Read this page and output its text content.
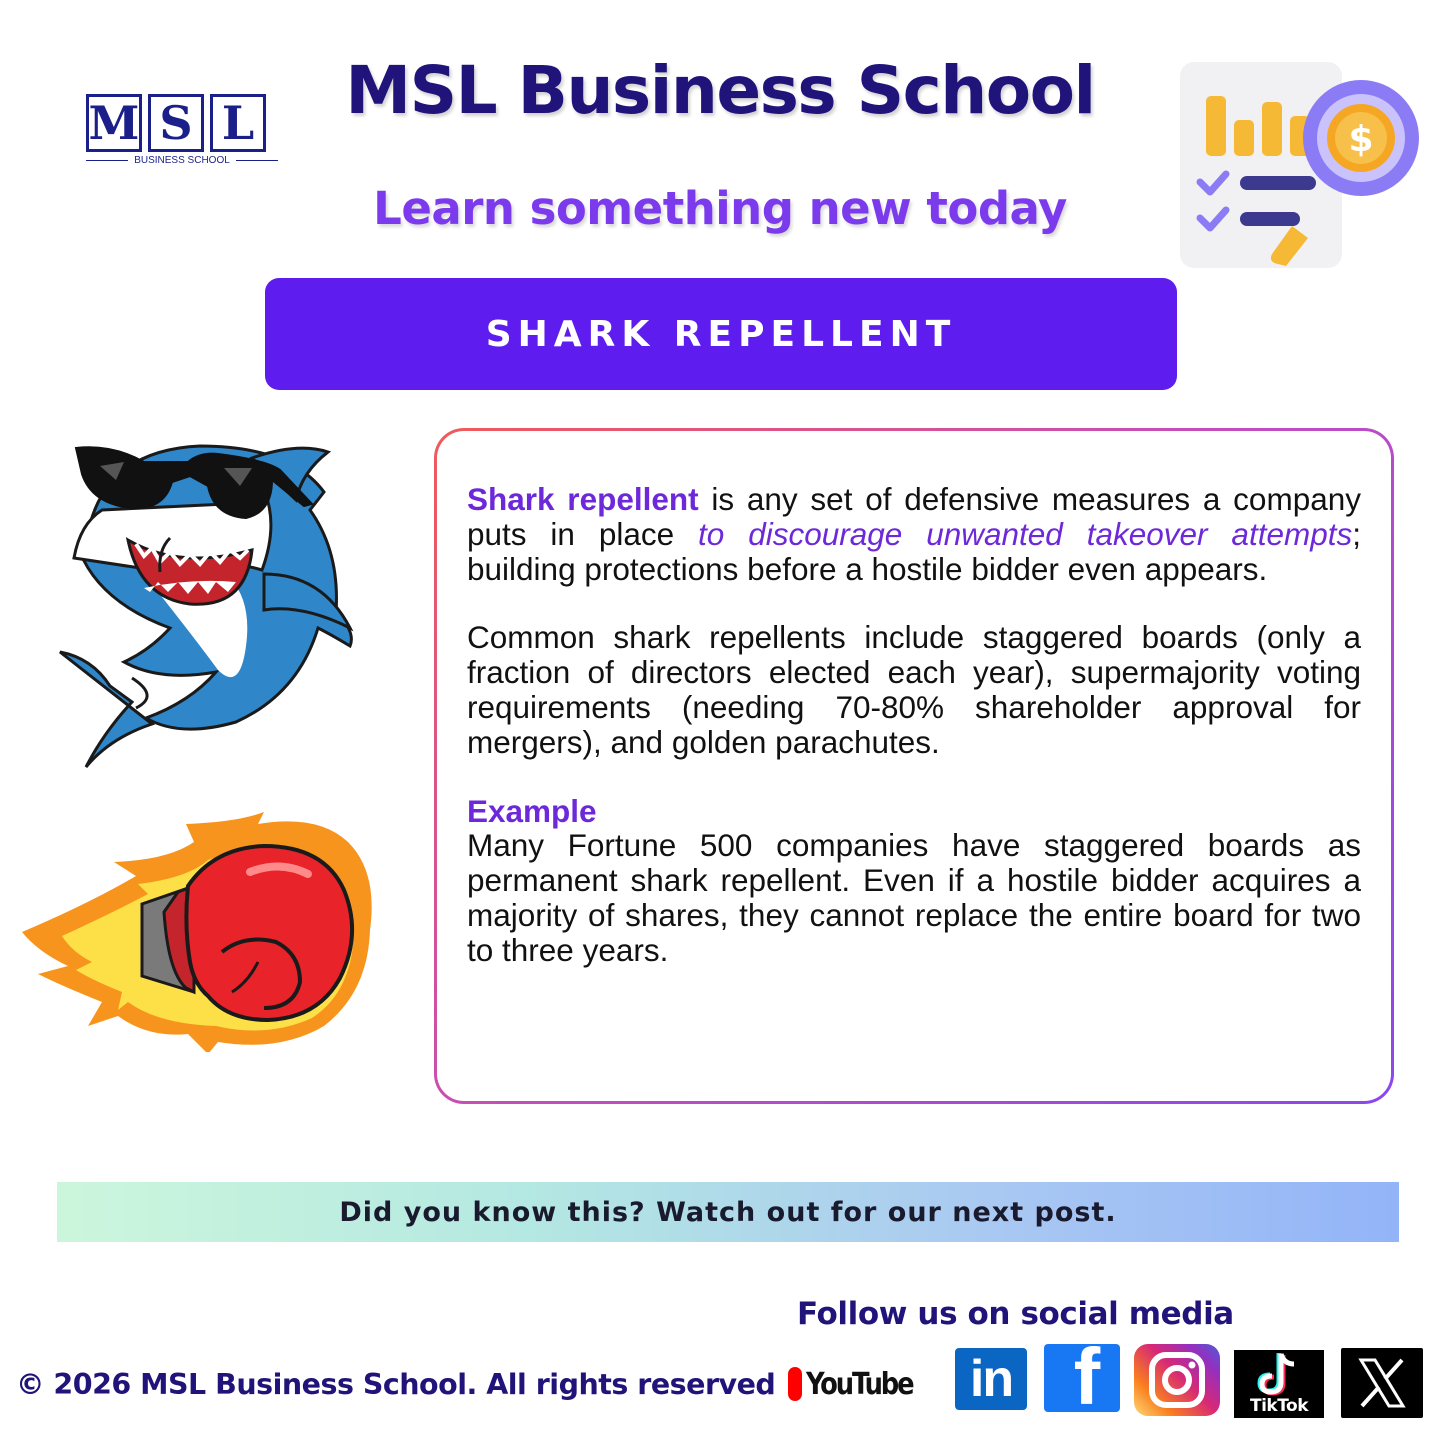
M S L
BUSINESS SCHOOL
MSL Business School
Learn something new today
$
SHARK REPELLENT

Shark repellent is any set of defensive measures a company puts in place to discourage unwanted takeover attempts; building protections before a hostile bidder even appears.

Common shark repellents include staggered boards (only a fraction of directors elected each year), supermajority voting requirements (needing 70-80% shareholder approval for mergers), and golden parachutes.

Example
Many Fortune 500 companies have staggered boards as permanent shark repellent. Even if a hostile bidder acquires a majority of shares, they cannot replace the entire board for two to three years.

Did you know this? Watch out for our next post.
Follow us on social media
© 2026 MSL Business School. All rights reserved YouTube in f	TikTok
